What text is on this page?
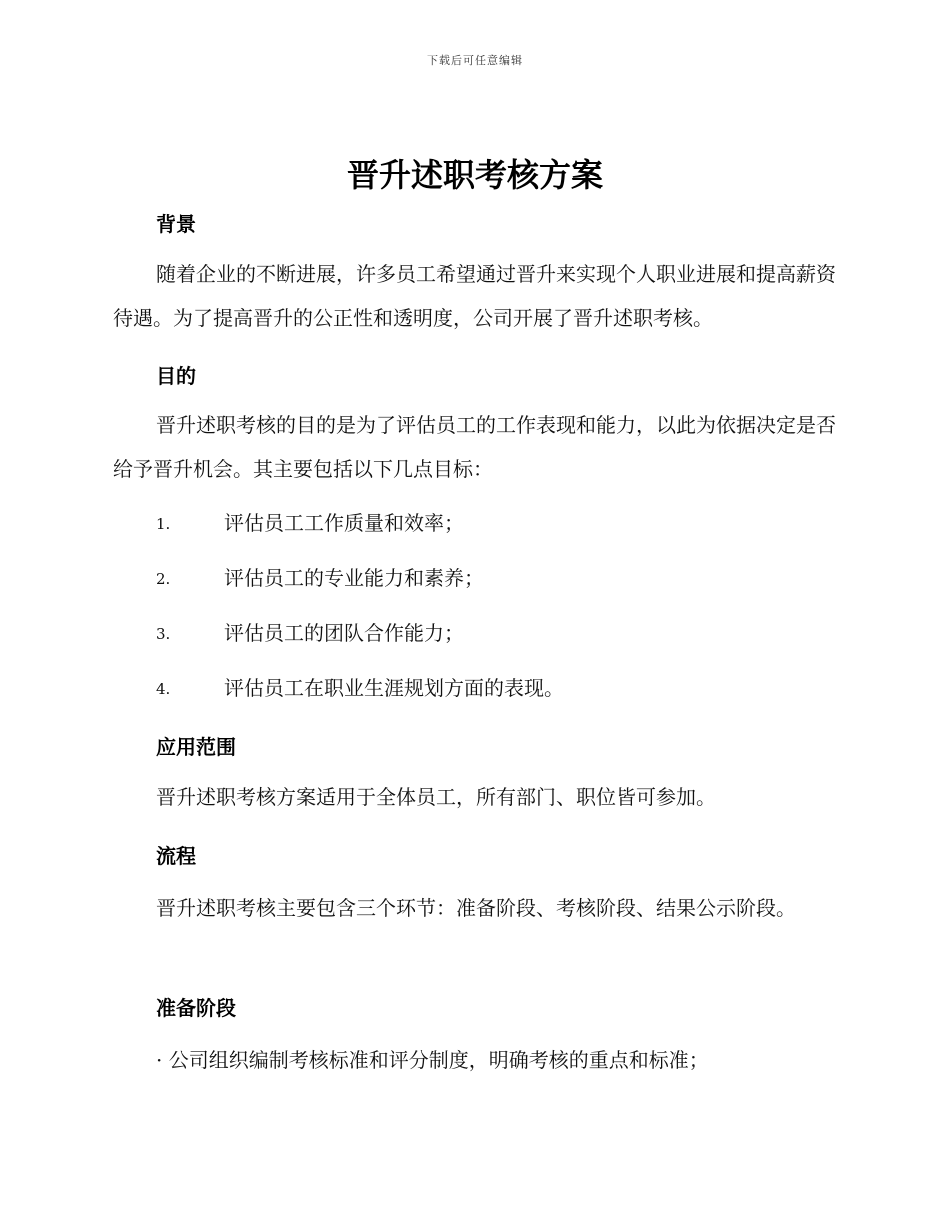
下载后可任意编辑
晋升述职考核方案
背景

随着企业的不断进展，许多员工希望通过晋升来实现个人职业进展和提高薪资待遇。为了提高晋升的公正性和透明度，公司开展了晋升述职考核。

目的

晋升述职考核的目的是为了评估员工的工作表现和能力，以此为依据决定是否给予晋升机会。其主要包括以下几点目标：

1.	评估员工工作质量和效率；
2.	评估员工的专业能力和素养；
3.	评估员工的团队合作能力；
4.	评估员工在职业生涯规划方面的表现。
应用范围

晋升述职考核方案适用于全体员工，所有部门、职位皆可参加。

流程

晋升述职考核主要包含三个环节：准备阶段、考核阶段、结果公示阶段。

准备阶段
· 公司组织编制考核标准和评分制度，明确考核的重点和标准；
